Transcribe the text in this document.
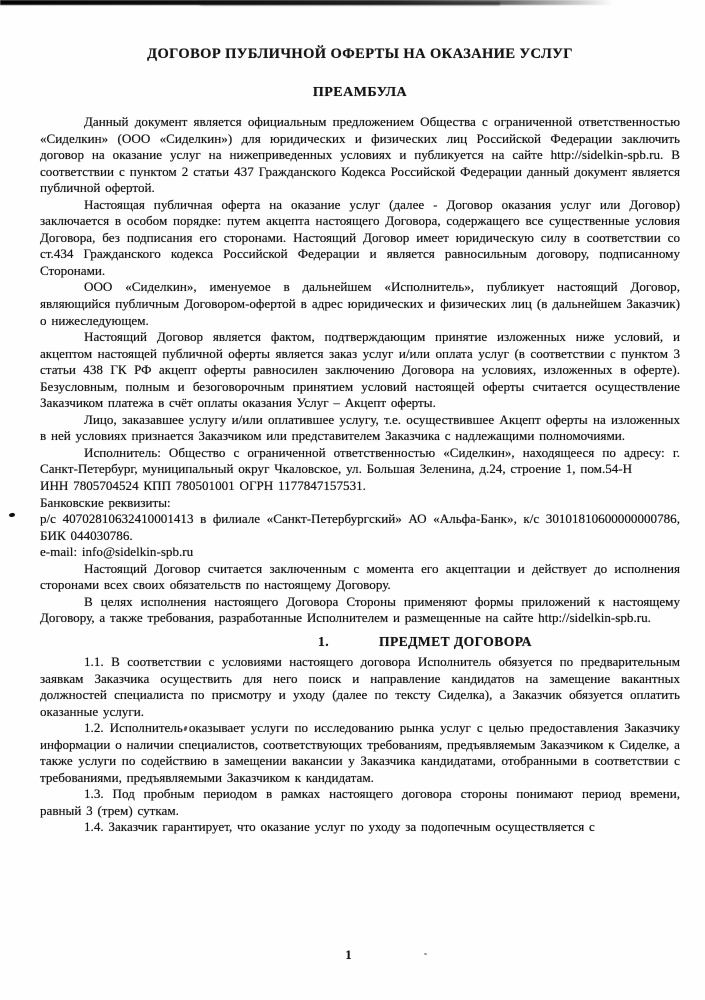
ДОГОВОР ПУБЛИЧНОЙ ОФЕРТЫ НА ОКАЗАНИЕ УСЛУГ
ПРЕАМБУЛА

Данный документ является официальным предложением Общества с ограниченной ответственностью «Сиделкин» (ООО «Сиделкин») для юридических и физических лиц Российской Федерации заключить договор на оказание услуг на нижеприведенных условиях и публикуется на сайте http://sidelkin-spb.ru. В соответствии с пунктом 2 статьи 437 Гражданского Кодекса Российской Федерации данный документ является публичной офертой.

Настоящая публичная оферта на оказание услуг (далее - Договор оказания услуг или Договор) заключается в особом порядке: путем акцепта настоящего Договора, содержащего все существенные условия Договора, без подписания его сторонами. Настоящий Договор имеет юридическую силу в соответствии со ст.434 Гражданского кодекса Российской Федерации и является равносильным договору, подписанному Сторонами.

ООО «Сиделкин», именуемое в дальнейшем «Исполнитель», публикует настоящий Договор, являющийся публичным Договором-офертой в адрес юридических и физических лиц (в дальнейшем Заказчик) о нижеследующем.

Настоящий Договор является фактом, подтверждающим принятие изложенных ниже условий, и акцептом настоящей публичной оферты является заказ услуг и/или оплата услуг (в соответствии с пунктом 3 статьи 438 ГК РФ акцепт оферты равносилен заключению Договора на условиях, изложенных в оферте). Безусловным, полным и безоговорочным принятием условий настоящей оферты считается осуществление Заказчиком платежа в счёт оплаты оказания Услуг – Акцепт оферты.

Лицо, заказавшее услугу и/или оплатившее услугу, т.е. осуществившее Акцепт оферты на изложенных в ней условиях признается Заказчиком или представителем Заказчика с надлежащими полномочиями.

Исполнитель: Общество с ограниченной ответственностью «Сиделкин», находящееся по адресу: г. Санкт-Петербург, муниципальный округ Чкаловское, ул. Большая Зеленина, д.24, строение 1, пом.54-Н

ИНН 7805704524 КПП 780501001 ОГРН 1177847157531.

Банковские реквизиты:

р/с 40702810632410001413 в филиале «Санкт-Петербургский» АО «Альфа-Банк», к/с 30101810600000000786, БИК 044030786.

e-mail: info@sidelkin-spb.ru

Настоящий Договор считается заключенным с момента его акцептации и действует до исполнения сторонами всех своих обязательств по настоящему Договору.

В целях исполнения настоящего Договора Стороны применяют формы приложений к настоящему Договору, а также требования, разработанные Исполнителем и размещенные на сайте http://sidelkin-spb.ru.

1.	ПРЕДМЕТ ДОГОВОРА

1.1. В соответствии с условиями настоящего договора Исполнитель обязуется по предварительным заявкам Заказчика осуществить для него поиск и направление кандидатов на замещение вакантных должностей специалиста по присмотру и уходу (далее по тексту Сиделка), а Заказчик обязуется оплатить оказанные услуги.

1.2. Исполнитель оказывает услуги по исследованию рынка услуг с целью предоставления Заказчику информации о наличии специалистов, соответствующих требованиям, предъявляемым Заказчиком к Сиделке, а также услуги по содействию в замещении вакансии у Заказчика кандидатами, отобранными в соответствии с требованиями, предъявляемыми Заказчиком к кандидатам.

1.3. Под пробным периодом в рамках настоящего договора стороны понимают период времени, равный 3 (трем) суткам.

1.4. Заказчик гарантирует, что оказание услуг по уходу за подопечным осуществляется с

1
